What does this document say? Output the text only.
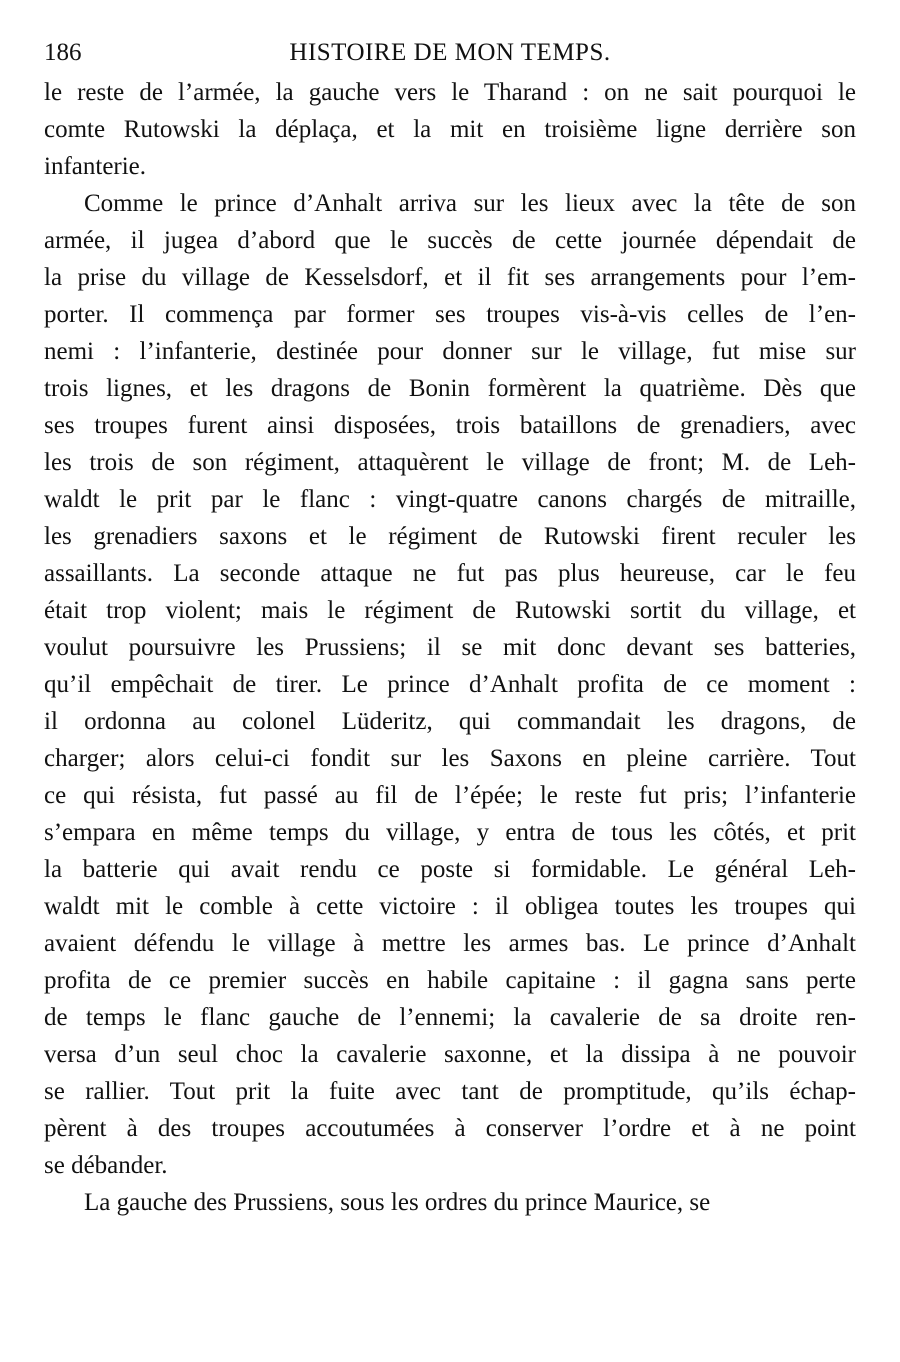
186	HISTOIRE DE MON TEMPS.
le reste de l’armée, la gauche vers le Tharand : on ne sait pourquoi le
comte Rutowski la déplaça, et la mit en troisième ligne derrière son
infanterie.
Comme le prince d’Anhalt arriva sur les lieux avec la tête de son
armée, il jugea d’abord que le succès de cette journée dépendait de
la prise du village de Kesselsdorf, et il fit ses arrangements pour l’em-
porter. Il commença par former ses troupes vis-à-vis celles de l’en-
nemi : l’infanterie, destinée pour donner sur le village, fut mise sur
trois lignes, et les dragons de Bonin formèrent la quatrième. Dès que
ses troupes furent ainsi disposées, trois bataillons de grenadiers, avec
les trois de son régiment, attaquèrent le village de front; M. de Leh-
waldt le prit par le flanc : vingt-quatre canons chargés de mitraille,
les grenadiers saxons et le régiment de Rutowski firent reculer les
assaillants. La seconde attaque ne fut pas plus heureuse, car le feu
était trop violent; mais le régiment de Rutowski sortit du village, et
voulut poursuivre les Prussiens; il se mit donc devant ses batteries,
qu’il empêchait de tirer. Le prince d’Anhalt profita de ce moment :
il ordonna au colonel Lüderitz, qui commandait les dragons, de
charger; alors celui-ci fondit sur les Saxons en pleine carrière. Tout
ce qui résista, fut passé au fil de l’épée; le reste fut pris; l’infanterie
s’empara en même temps du village, y entra de tous les côtés, et prit
la batterie qui avait rendu ce poste si formidable. Le général Leh-
waldt mit le comble à cette victoire : il obligea toutes les troupes qui
avaient défendu le village à mettre les armes bas. Le prince d’Anhalt
profita de ce premier succès en habile capitaine : il gagna sans perte
de temps le flanc gauche de l’ennemi; la cavalerie de sa droite ren-
versa d’un seul choc la cavalerie saxonne, et la dissipa à ne pouvoir
se rallier. Tout prit la fuite avec tant de promptitude, qu’ils échap-
pèrent à des troupes accoutumées à conserver l’ordre et à ne point
se débander.
La gauche des Prussiens, sous les ordres du prince Maurice, se
